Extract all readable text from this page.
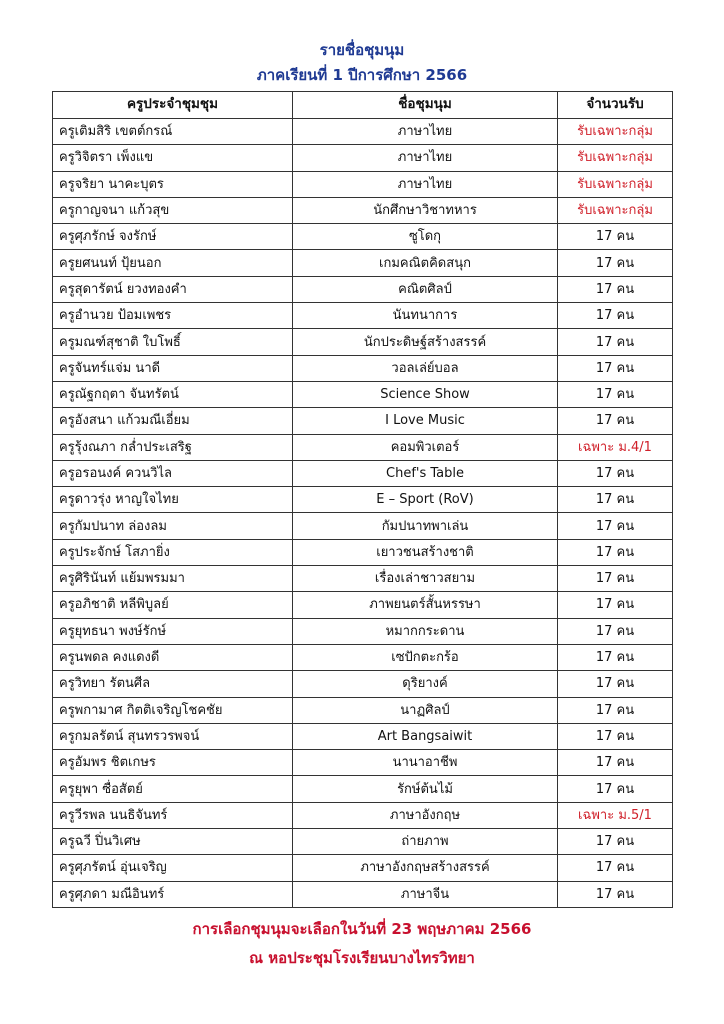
รายชื่อชุมนุม
ภาคเรียนที่ 1 ปีการศึกษา 2566
ครูประจำชุมชุม	ชื่อชุมนุม	จำนวนรับ
ครูเติมสิริ เขตต์กรณ์	ภาษาไทย	รับเฉพาะกลุ่ม
ครูวิจิตรา เพ็งแข	ภาษาไทย	รับเฉพาะกลุ่ม
ครูจริยา นาคะบุตร	ภาษาไทย	รับเฉพาะกลุ่ม
ครูกาญจนา แก้วสุข	นักศึกษาวิชาทหาร	รับเฉพาะกลุ่ม
ครูศุภรักษ์ จงรักษ์	ซูโดกุ	17 คน
ครูยศนนท์ ปุ้ยนอก	เกมคณิตคิดสนุก	17 คน
ครูสุดารัตน์ ยวงทองคำ	คณิตศิลป์	17 คน
ครูอำนวย ป้อมเพชร	นันทนาการ	17 คน
ครูมณฑ์สุชาติ ใบโพธิ์	นักประดิษฐ์สร้างสรรค์	17 คน
ครูจันทร์แจ่ม นาดี	วอลเล่ย์บอล	17 คน
ครูณัฐกฤตา จันทรัตน์	Science Show	17 คน
ครูอังสนา แก้วมณีเอี่ยม	I Love Music	17 คน
ครูรุ้งณภา กล่ำประเสริฐ	คอมพิวเตอร์	เฉพาะ ม.4/1
ครูอรอนงค์ ควนวิไล	Chef's Table	17 คน
ครูดาวรุ่ง หาญใจไทย	E – Sport (RoV)	17 คน
ครูกัมปนาท ล่องลม	กัมปนาทพาเล่น	17 คน
ครูประจักษ์ โสภายิ่ง	เยาวชนสร้างชาติ	17 คน
ครูศิรินันท์ แย้มพรมมา	เรื่องเล่าชาวสยาม	17 คน
ครูอภิชาติ หลีพิบูลย์	ภาพยนตร์สั้นหรรษา	17 คน
ครูยุทธนา พงษ์รักษ์	หมากกระดาน	17 คน
ครูนพดล คงแดงดี	เซปักตะกร้อ	17 คน
ครูวิทยา รัตนศีล	ดุริยางค์	17 คน
ครูพกามาศ กิตติเจริญโชคชัย	นาฏศิลป์	17 คน
ครูกมลรัตน์ สุนทรวรพจน์	Art Bangsaiwit	17 คน
ครูอัมพร ชิตเกษร	นานาอาชีพ	17 คน
ครูยุพา ซื่อสัตย์	รักษ์ต้นไม้	17 คน
ครูวีรพล นนธิจันทร์	ภาษาอังกฤษ	เฉพาะ ม.5/1
ครูฉวี ปิ่นวิเศษ	ถ่ายภาพ	17 คน
ครูศุภรัตน์ อุ่นเจริญ	ภาษาอังกฤษสร้างสรรค์	17 คน
ครูศุภดา มณีอินทร์	ภาษาจีน	17 คน
การเลือกชุมนุมจะเลือกในวันที่ 23 พฤษภาคม 2566
ณ หอประชุมโรงเรียนบางไทรวิทยา
